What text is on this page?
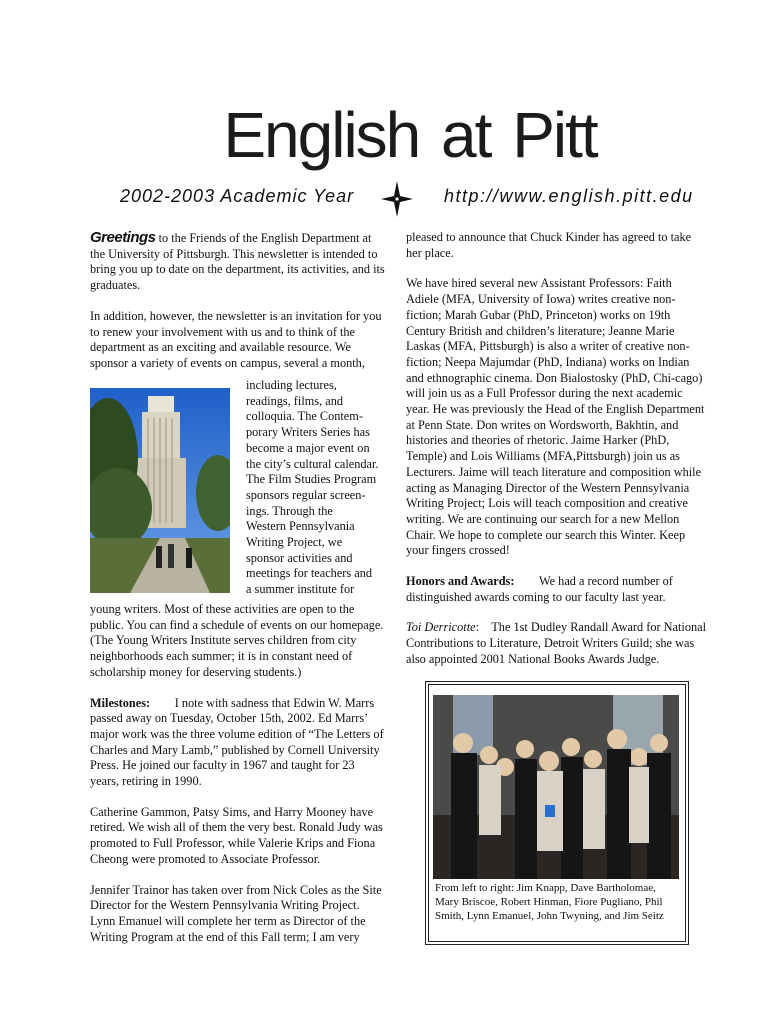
English at Pitt
2002-2003 Academic Year	http://www.english.pitt.edu

Greetings to the Friends of the English Department at the University of Pittsburgh. This newsletter is intended to bring you up to date on the department, its activities, and its graduates.

In addition, however, the newsletter is an invitation for you to renew your involvement with us and to think of the department as an exciting and available resource. We sponsor a variety of events on campus, several a month,

including lectures,
readings, films, and
colloquia. The Contem-
porary Writers Series has
become a major event on
the city’s cultural calendar.
The Film Studies Program
sponsors regular screen-
ings. Through the
Western Pennsylvania
Writing Project, we
sponsor activities and
meetings for teachers and
a summer institute for

young writers. Most of these activities are open to the public. You can find a schedule of events on our homepage. (The Young Writers Institute serves children from city neighborhoods each summer; it is in constant need of scholarship money for deserving students.)

Milestones: I note with sadness that Edwin W. Marrs passed away on Tuesday, October 15th, 2002. Ed Marrs’ major work was the three volume edition of “The Letters of Charles and Mary Lamb,” published by Cornell University Press. He joined our faculty in 1967 and taught for 23 years, retiring in 1990.

Catherine Gammon, Patsy Sims, and Harry Mooney have retired. We wish all of them the very best. Ronald Judy was promoted to Full Professor, while Valerie Krips and Fiona Cheong were promoted to Associate Professor.

Jennifer Trainor has taken over from Nick Coles as the Site Director for the Western Pennsylvania Writing Project. Lynn Emanuel will complete her term as Director of the Writing Program at the end of this Fall term; I am very

pleased to announce that Chuck Kinder has agreed to take her place.

We have hired several new Assistant Professors: Faith Adiele (MFA, University of Iowa) writes creative non-fiction; Marah Gubar (PhD, Princeton) works on 19th Century British and children’s literature; Jeanne Marie Laskas (MFA, Pittsburgh) is also a writer of creative non-fiction; Neepa Majumdar (PhD, Indiana) works on Indian and ethnographic cinema. Don Bialostosky (PhD, Chi-cago) will join us as a Full Professor during the next academic year. He was previously the Head of the English Department at Penn State. Don writes on Wordsworth, Bakhtin, and histories and theories of rhetoric. Jaime Harker (PhD, Temple) and Lois Williams (MFA,Pittsburgh) join us as Lecturers. Jaime will teach literature and composition while acting as Managing Director of the Western Pennsylvania Writing Project; Lois will teach composition and creative writing. We are continuing our search for a new Mellon Chair. We hope to complete our search this Winter. Keep your fingers crossed!

Honors and Awards: We had a record number of distinguished awards coming to our faculty last year.

Toi Derricotte:    The 1st Dudley Randall Award for National Contributions to Literature, Detroit Writers Guild; she was also appointed 2001 National Books Awards Judge.

From left to right: Jim Knapp, Dave Bartholomae, Mary Briscoe, Robert Hinman, Fiore Pugliano, Phil Smith, Lynn Emanuel, John Twyning, and Jim Seitz
